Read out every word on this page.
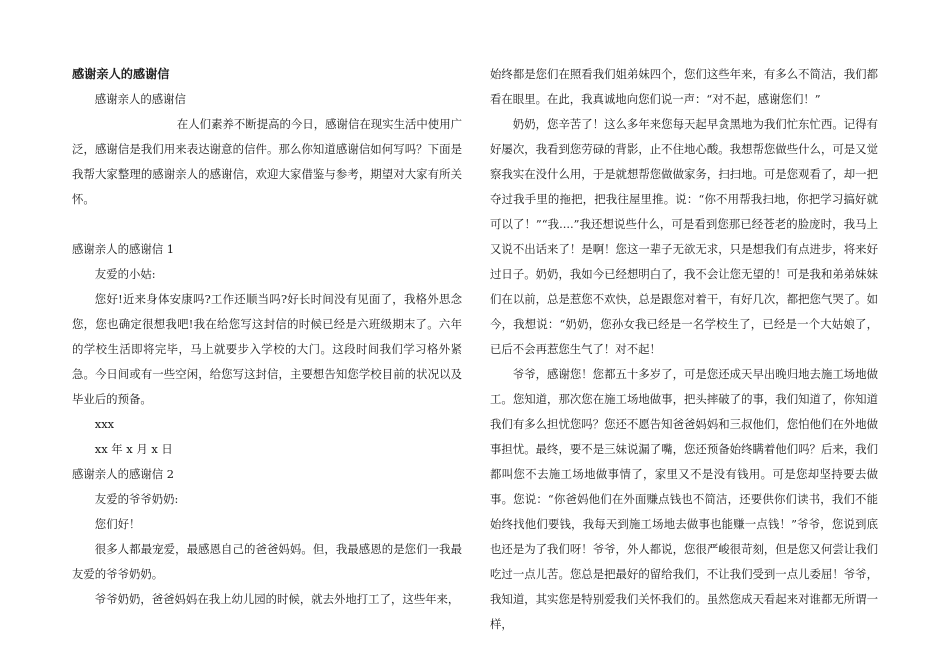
感谢亲人的感谢信

感谢亲人的感谢信

在人们素养不断提高的今日，感谢信在现实生活中使用广泛，感谢信是我们用来表达谢意的信件。那么你知道感谢信如何写吗？下面是我帮大家整理的感谢亲人的感谢信，欢迎大家借鉴与参考，期望对大家有所关怀。

感谢亲人的感谢信 1

友爱的小姑:

您好!近来身体安康吗?工作还顺当吗?好长时间没有见面了，我格外思念您，您也确定很想我吧!我在给您写这封信的时候已经是六班级期末了。六年的学校生活即将完毕，马上就要步入学校的大门。这段时间我们学习格外紧急。今日间或有一些空闲，给您写这封信，主要想告知您学校目前的状况以及毕业后的预备。

xxx

xx 年 x 月 x 日

感谢亲人的感谢信 2

友爱的爷爷奶奶:

您们好！

很多人都最宠爱，最感恩自己的爸爸妈妈。但，我最感恩的是您们一我最友爱的爷爷奶奶。

爷爷奶奶，爸爸妈妈在我上幼儿园的时候，就去外地打工了，这些年来，

始终都是您们在照看我们姐弟妹四个，您们这些年来，有多么不简洁，我们都看在眼里。在此，我真诚地向您们说一声：“对不起，感谢您们！”

奶奶，您辛苦了！这么多年来您每天起早贪黑地为我们忙东忙西。记得有好屡次，我看到您劳碌的背影，止不住地心酸。我想帮您做些什么，可是又觉察我实在没什么用，于是就想帮您做做家务，扫扫地。可是您观看了，却一把夺过我手里的拖把，把我往屋里推。说：“你不用帮我扫地，你把学习搞好就可以了！”“我....”我还想说些什么，可是看到您那已经苍老的脸庞时，我马上又说不出话来了！是啊！您这一辈子无欲无求，只是想我们有点进步，将来好过日子。奶奶，我如今已经想明白了，我不会让您无望的！可是我和弟弟妹妹们在以前，总是惹您不欢快，总是跟您对着干，有好几次，都把您气哭了。如今，我想说：“奶奶，您孙女我已经是一名学校生了，已经是一个大姑娘了，已后不会再惹您生气了！对不起！

爷爷，感谢您！您都五十多岁了，可是您还成天早出晚归地去施工场地做工。您知道，那次您在施工场地做事，把头摔破了的事，我们知道了，你知道我们有多么担忧您吗？您还不愿告知爸爸妈妈和三叔他们，您怕他们在外地做事担忧。最终，要不是三妹说漏了嘴，您还预备始终瞒着他们吗？后来，我们都叫您不去施工场地做事情了，家里又不是没有钱用。可是您却坚持要去做事。您说：“你爸妈他们在外面赚点钱也不简洁，还要供你们读书，我们不能始终找他们要钱，我每天到施工场地去做事也能赚一点钱！”爷爷，您说到底也还是为了我们呀！爷爷，外人都说，您很严峻很苛刻，但是您又何尝让我们吃过一点儿苦。您总是把最好的留给我们，不让我们受到一点儿委屈！爷爷，我知道，其实您是特别爱我们关怀我们的。虽然您成天看起来对谁都无所谓一样，
